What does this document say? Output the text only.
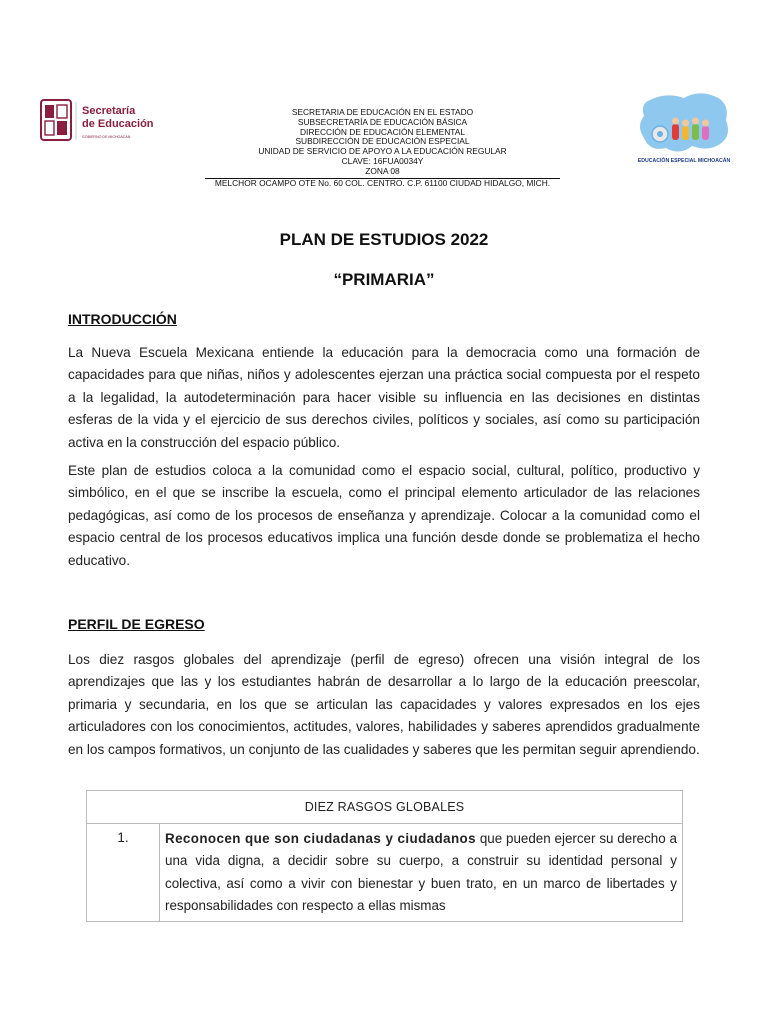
Secretaría
de Educación
GOBIERNO DE MICHOACÁN
SECRETARIA DE EDUCACIÓN EN EL ESTADO
SUBSECRETARÍA DE EDUCACIÓN BÁSICA
DIRECCIÓN DE EDUCACIÓN ELEMENTAL
SUBDIRECCIÓN DE EDUCACIÓN ESPECIAL
UNIDAD DE SERVICIO DE APOYO A LA EDUCACIÓN REGULAR
CLAVE: 16FUA0034Y
ZONA 08
MELCHOR OCAMPO OTE No. 60 COL. CENTRO. C.P. 61100 CIUDAD HIDALGO, MICH.
EDUCACIÓN ESPECIAL MICHOACÁN
PLAN DE ESTUDIOS 2022
“PRIMARIA”
INTRODUCCIÓN

La Nueva Escuela Mexicana entiende la educación para la democracia como una formación de capacidades para que niñas, niños y adolescentes ejerzan una práctica social compuesta por el respeto a la legalidad, la autodeterminación para hacer visible su influencia en las decisiones en distintas esferas de la vida y el ejercicio de sus derechos civiles, políticos y sociales, así como su participación activa en la construcción del espacio público.

Este plan de estudios coloca a la comunidad como el espacio social, cultural, político, productivo y simbólico, en el que se inscribe la escuela, como el principal elemento articulador de las relaciones pedagógicas, así como de los procesos de enseñanza y aprendizaje. Colocar a la comunidad como el espacio central de los procesos educativos implica una función desde donde se problematiza el hecho educativo.

PERFIL DE EGRESO

Los diez rasgos globales del aprendizaje (perfil de egreso) ofrecen una visión integral de los aprendizajes que las y los estudiantes habrán de desarrollar a lo largo de la educación preescolar, primaria y secundaria, en los que se articulan las capacidades y valores expresados en los ejes articuladores con los conocimientos, actitudes, valores, habilidades y saberes aprendidos gradualmente en los campos formativos, un conjunto de las cualidades y saberes que les permitan seguir aprendiendo.

DIEZ RASGOS GLOBALES
1.	Reconocen que son ciudadanas y ciudadanos que pueden ejercer su derecho a una vida digna, a decidir sobre su cuerpo, a construir su identidad personal y colectiva, así como a vivir con bienestar y buen trato, en un marco de libertades y responsabilidades con respecto a ellas mismas
